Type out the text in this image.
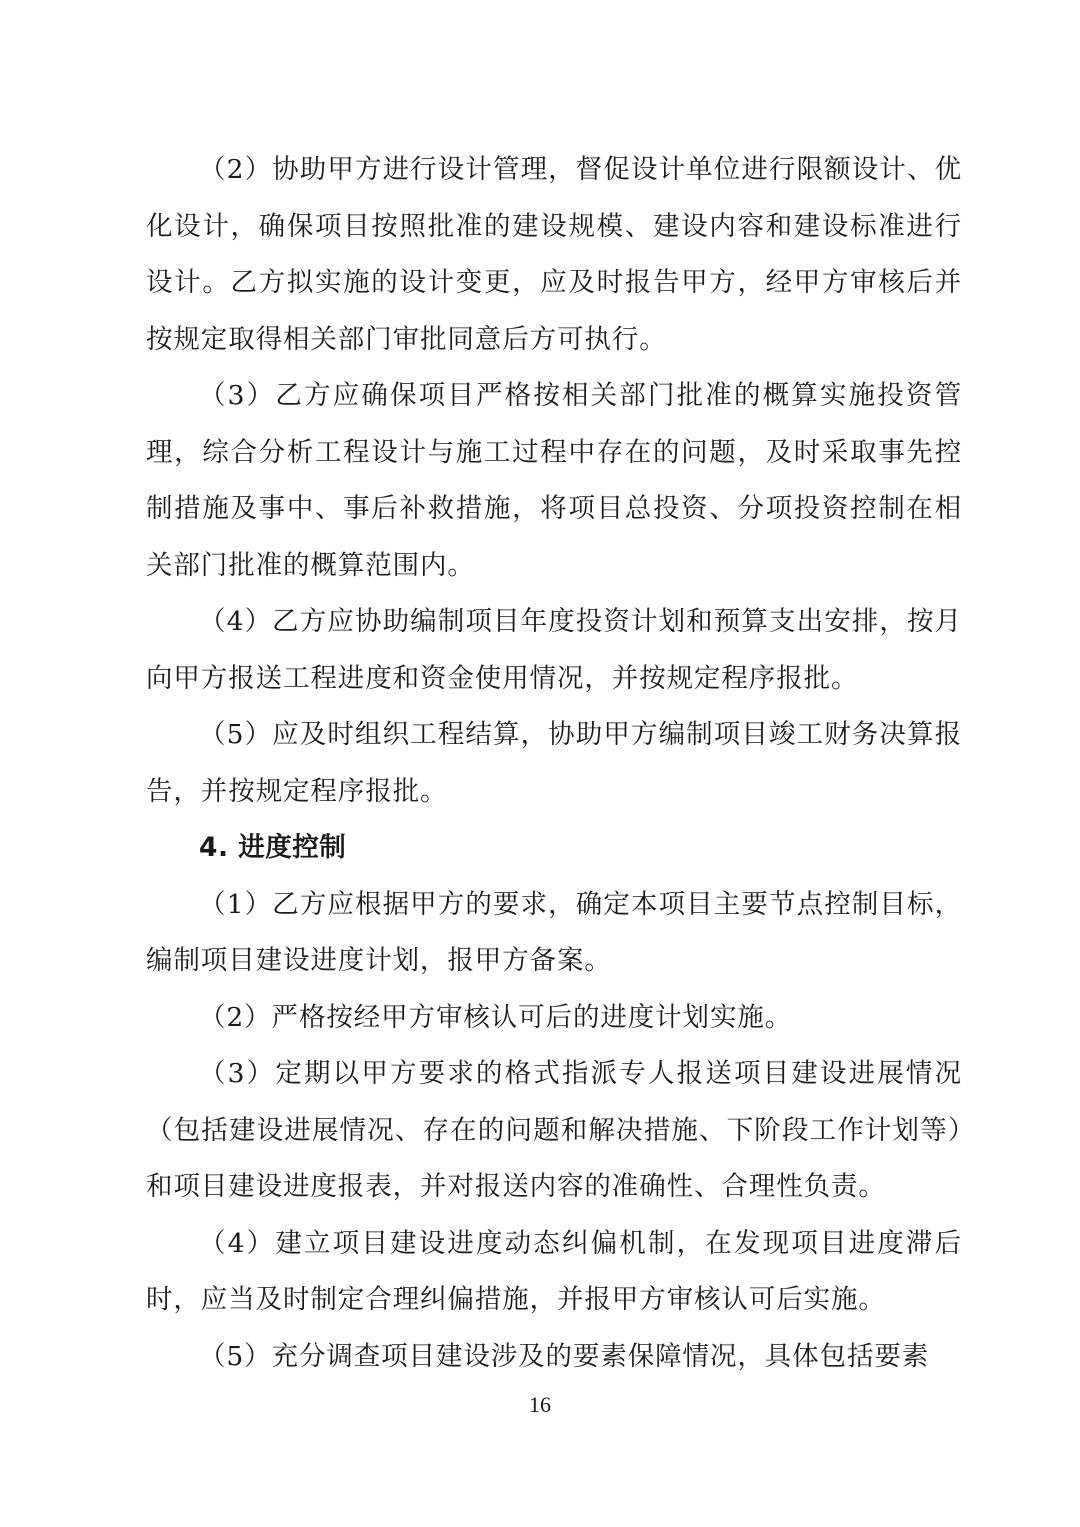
（2）协助甲方进行设计管理，督促设计单位进行限额设计、优化设计，确保项目按照批准的建设规模、建设内容和建设标准进行设计。乙方拟实施的设计变更，应及时报告甲方，经甲方审核后并按规定取得相关部门审批同意后方可执行。

（3）乙方应确保项目严格按相关部门批准的概算实施投资管理，综合分析工程设计与施工过程中存在的问题，及时采取事先控制措施及事中、事后补救措施，将项目总投资、分项投资控制在相关部门批准的概算范围内。

（4）乙方应协助编制项目年度投资计划和预算支出安排，按月向甲方报送工程进度和资金使用情况，并按规定程序报批。

（5）应及时组织工程结算，协助甲方编制项目竣工财务决算报告，并按规定程序报批。

4. 进度控制

（1）乙方应根据甲方的要求，确定本项目主要节点控制目标，编制项目建设进度计划，报甲方备案。

（2）严格按经甲方审核认可后的进度计划实施。

（3）定期以甲方要求的格式指派专人报送项目建设进展情况（包括建设进展情况、存在的问题和解决措施、下阶段工作计划等）和项目建设进度报表，并对报送内容的准确性、合理性负责。

（4）建立项目建设进度动态纠偏机制，在发现项目进度滞后时，应当及时制定合理纠偏措施，并报甲方审核认可后实施。

（5）充分调查项目建设涉及的要素保障情况，具体包括要素

16
